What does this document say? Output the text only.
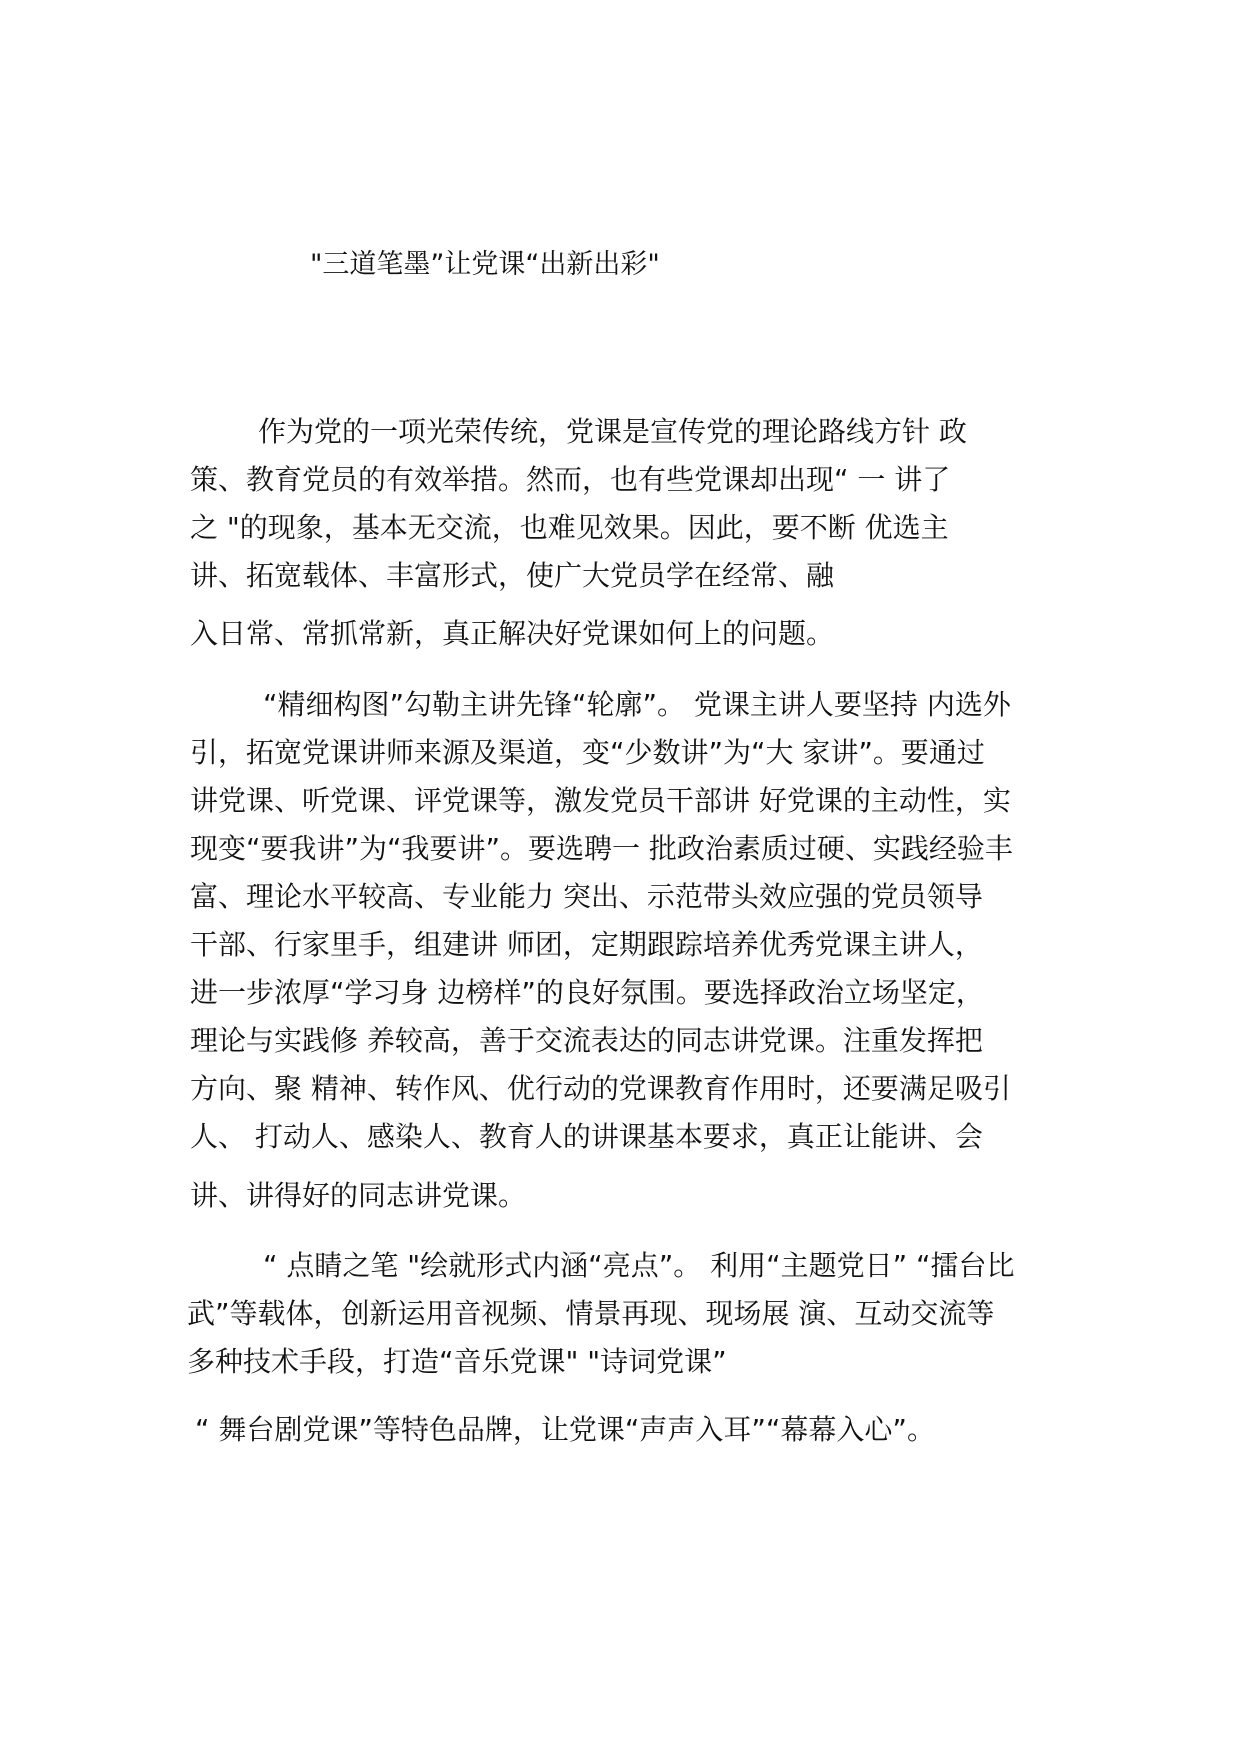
"三道笔墨”让党课“出新出彩"
作为党的一项光荣传统，党课是宣传党的理论路线方针 政
策、教育党员的有效举措。然而，也有些党课却出现“ 一 讲了
之 "的现象，基本无交流，也难见效果。因此，要不断 优选主
讲、拓宽载体、丰富形式，使广大党员学在经常、融
入日常、常抓常新，真正解决好党课如何上的问题。
“精细构图”勾勒主讲先锋“轮廓”。 党课主讲人要坚持 内选外
引，拓宽党课讲师来源及渠道，变“少数讲”为“大 家讲”。要通过
讲党课、听党课、评党课等，激发党员干部讲 好党课的主动性，实
现变“要我讲”为“我要讲”。要选聘一 批政治素质过硬、实践经验丰
富、理论水平较高、专业能力 突出、示范带头效应强的党员领导
干部、行家里手，组建讲 师团，定期跟踪培养优秀党课主讲人，
进一步浓厚“学习身 边榜样”的良好氛围。要选择政治立场坚定，
理论与实践修 养较高，善于交流表达的同志讲党课。注重发挥把
方向、聚 精神、转作风、优行动的党课教育作用时，还要满足吸引
人、 打动人、感染人、教育人的讲课基本要求，真正让能讲、会
讲、讲得好的同志讲党课。
“ 点睛之笔 "绘就形式内涵“亮点”。 利用“主题党日” “擂台比
武”等载体，创新运用音视频、情景再现、现场展 演、互动交流等
多种技术手段，打造“音乐党课" "诗词党课”
“ 舞台剧党课”等特色品牌，让党课“声声入耳”“幕幕入心”。
